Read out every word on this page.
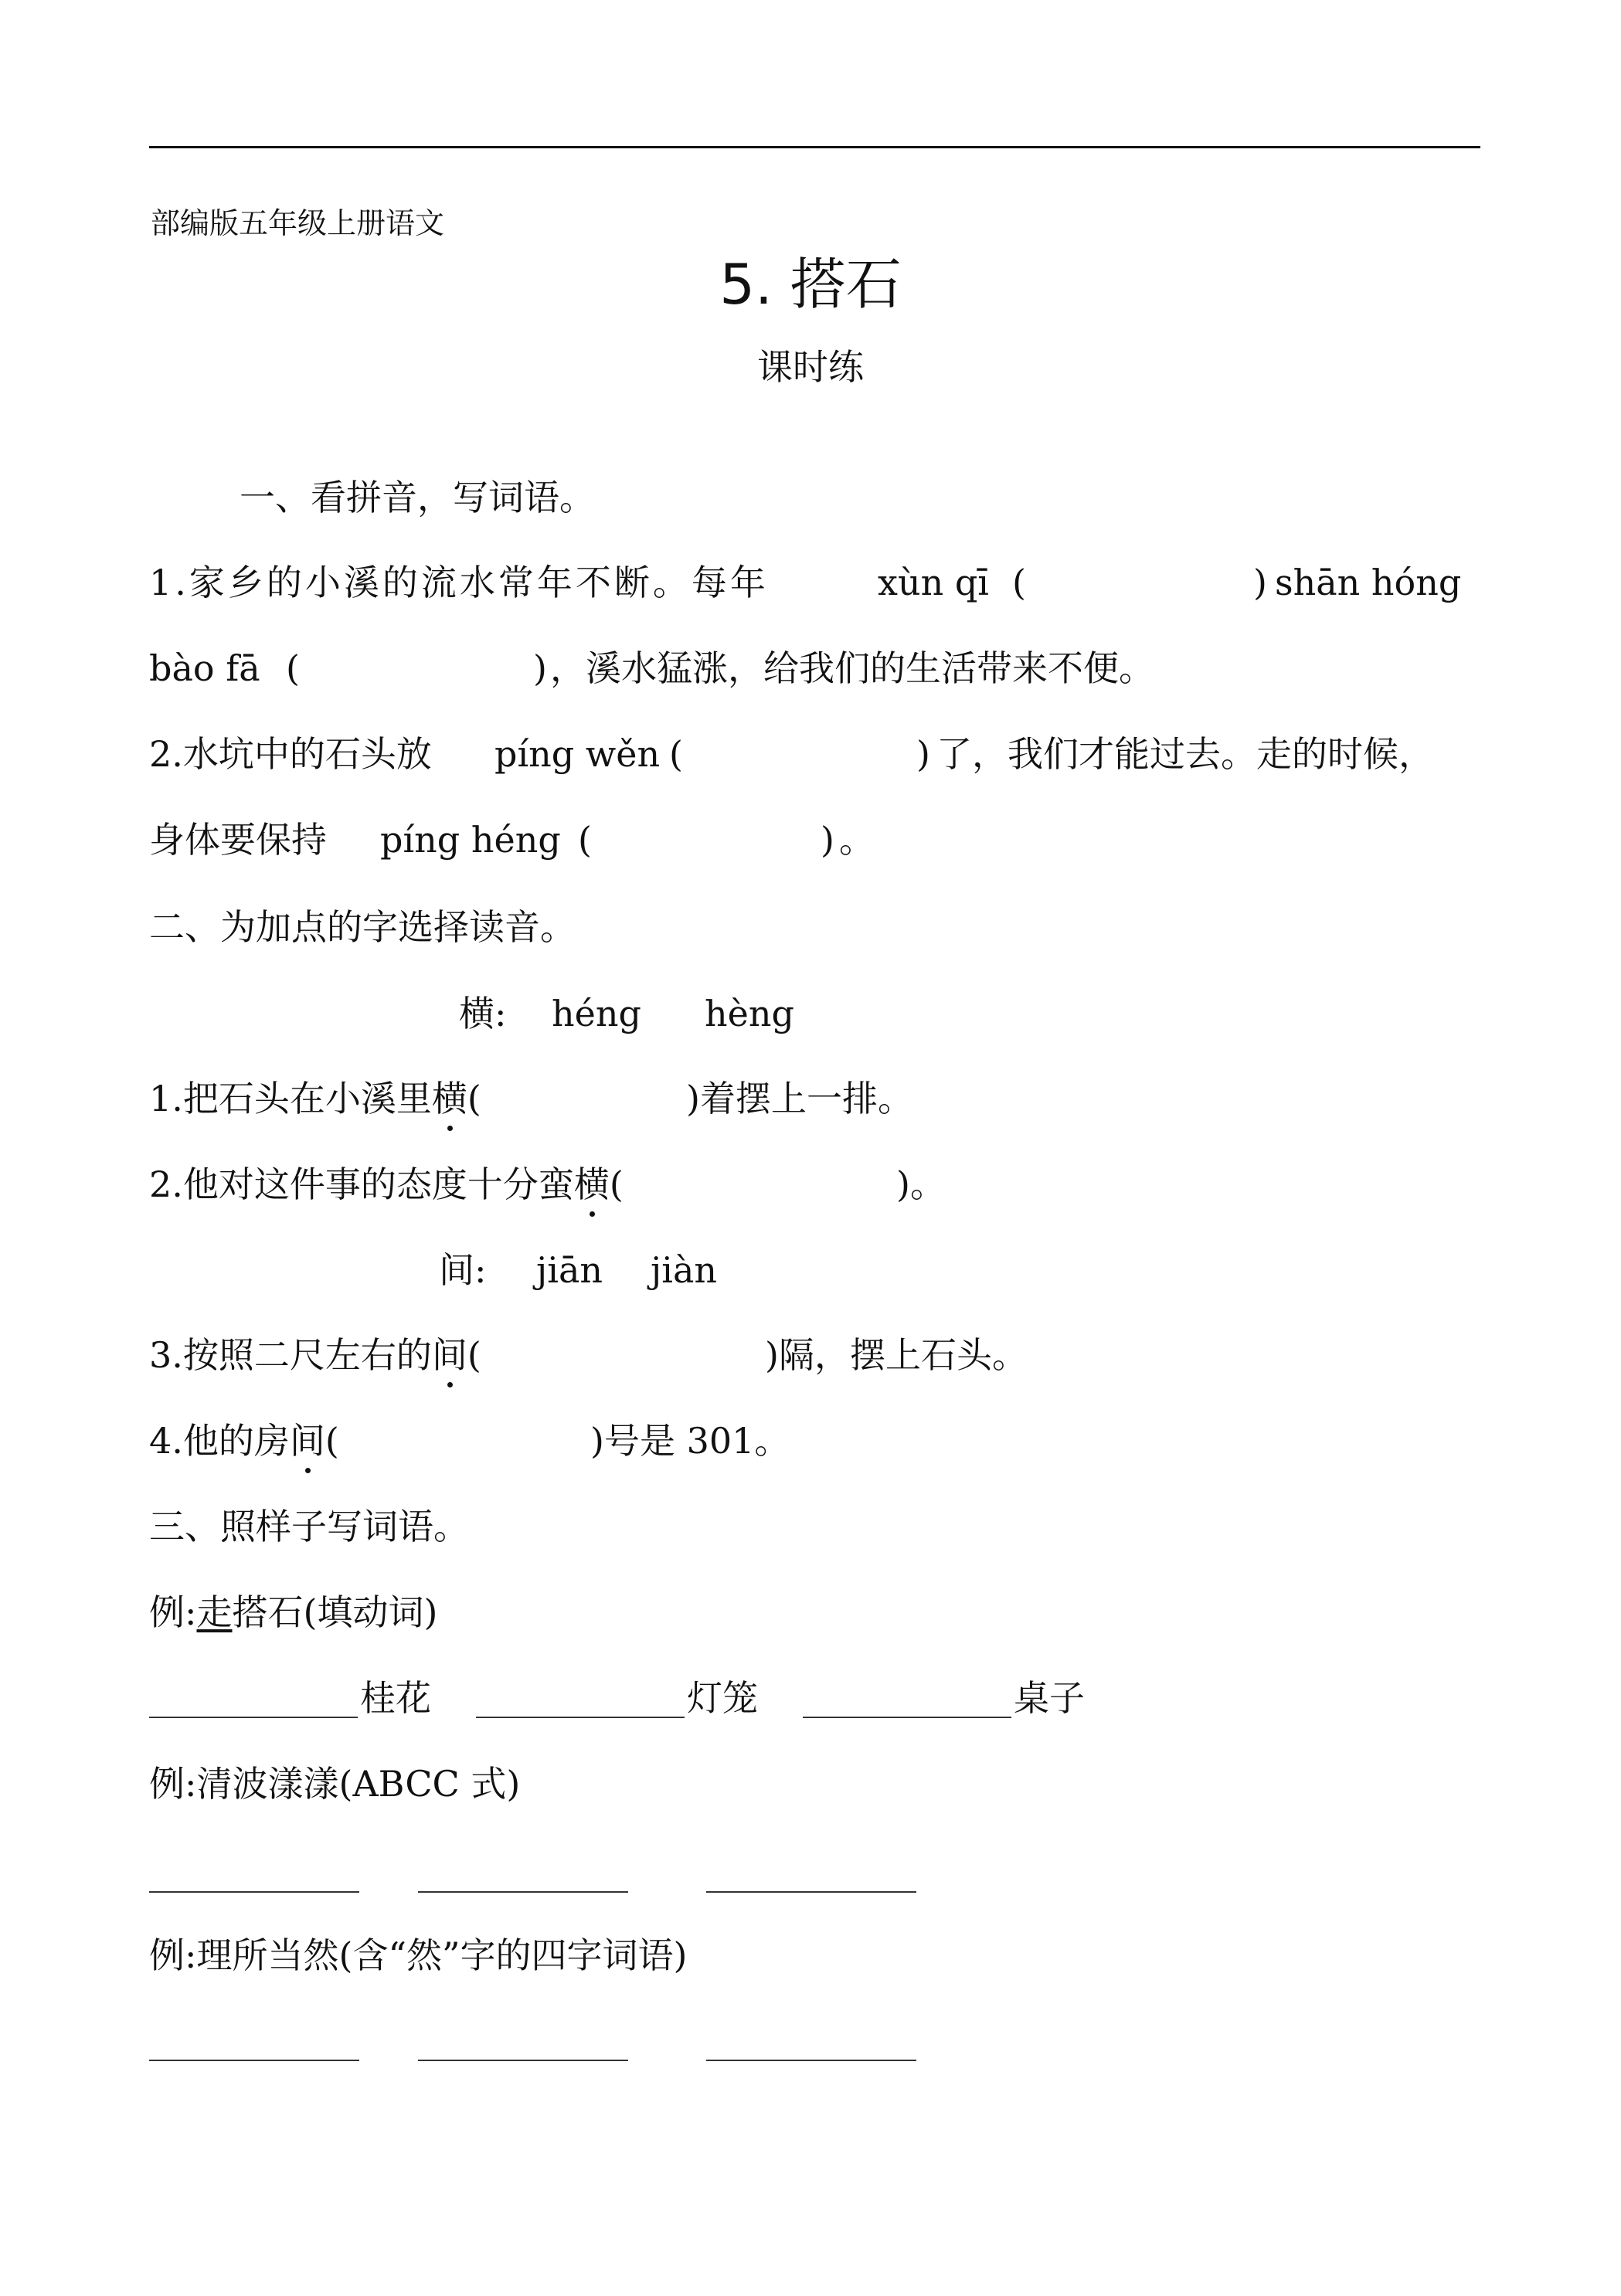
部编版五年级上册语文
5. 搭石
课时练
一、看拼音，写词语。
1.家乡的小溪的流水常年不断。每年	xùn qī (	) shān hóng
bào fā (	) ，溪水猛涨，给我们的生活带来不便。
2.水坑中的石头放 píng wěn (	) 了，我们才能过去。走的时候，
身体要保持 píng héng (	) 。
二、为加点的字选择读音。
横: héng hèng
1.把石头在小溪里横(	)着摆上一排。
2.他对这件事的态度十分蛮横(	)。
间: jiān jiàn
3.按照二尺左右的间(	)隔，摆上石头。
4.他的房间(	)号是 301。
三、照样子写词语。
例:走搭石(填动词)
桂花	灯笼	桌子
例:清波漾漾(ABCC 式)
例:理所当然(含“然”字的四字词语)
